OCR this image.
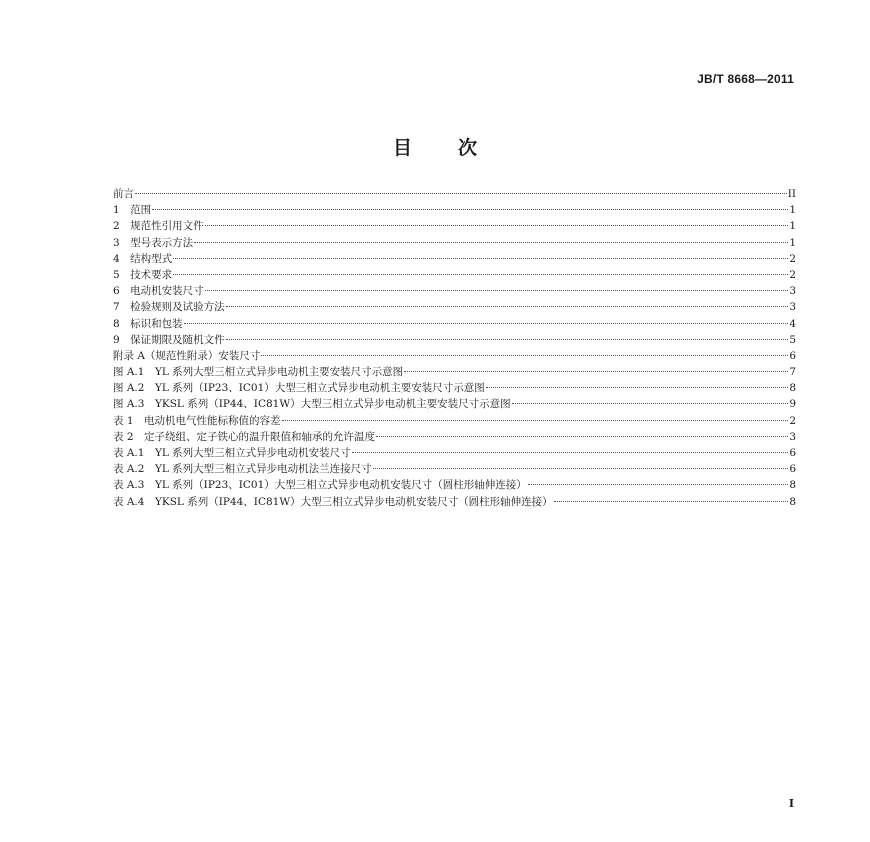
JB/T 8668—2011
目 次
前言	II
1　范围	1
2　规范性引用文件	1
3　型号表示方法	1
4　结构型式	2
5　技术要求	2
6　电动机安装尺寸	3
7　检验规则及试验方法	3
8　标识和包装	4
9　保证期限及随机文件	5
附录 A（规范性附录）安装尺寸	6
图 A.1　YL 系列大型三相立式异步电动机主要安装尺寸示意图	7
图 A.2　YL 系列（IP23、IC01）大型三相立式异步电动机主要安装尺寸示意图	8
图 A.3　YKSL 系列（IP44、IC81W）大型三相立式异步电动机主要安装尺寸示意图	9
表 1　电动机电气性能标称值的容差	2
表 2　定子绕组、定子铁心的温升限值和轴承的允许温度	3
表 A.1　YL 系列大型三相立式异步电动机安装尺寸	6
表 A.2　YL 系列大型三相立式异步电动机法兰连接尺寸	6
表 A.3　YL 系列（IP23、IC01）大型三相立式异步电动机安装尺寸（圆柱形轴伸连接）	8
表 A.4　YKSL 系列（IP44、IC81W）大型三相立式异步电动机安装尺寸（圆柱形轴伸连接）	8
I
